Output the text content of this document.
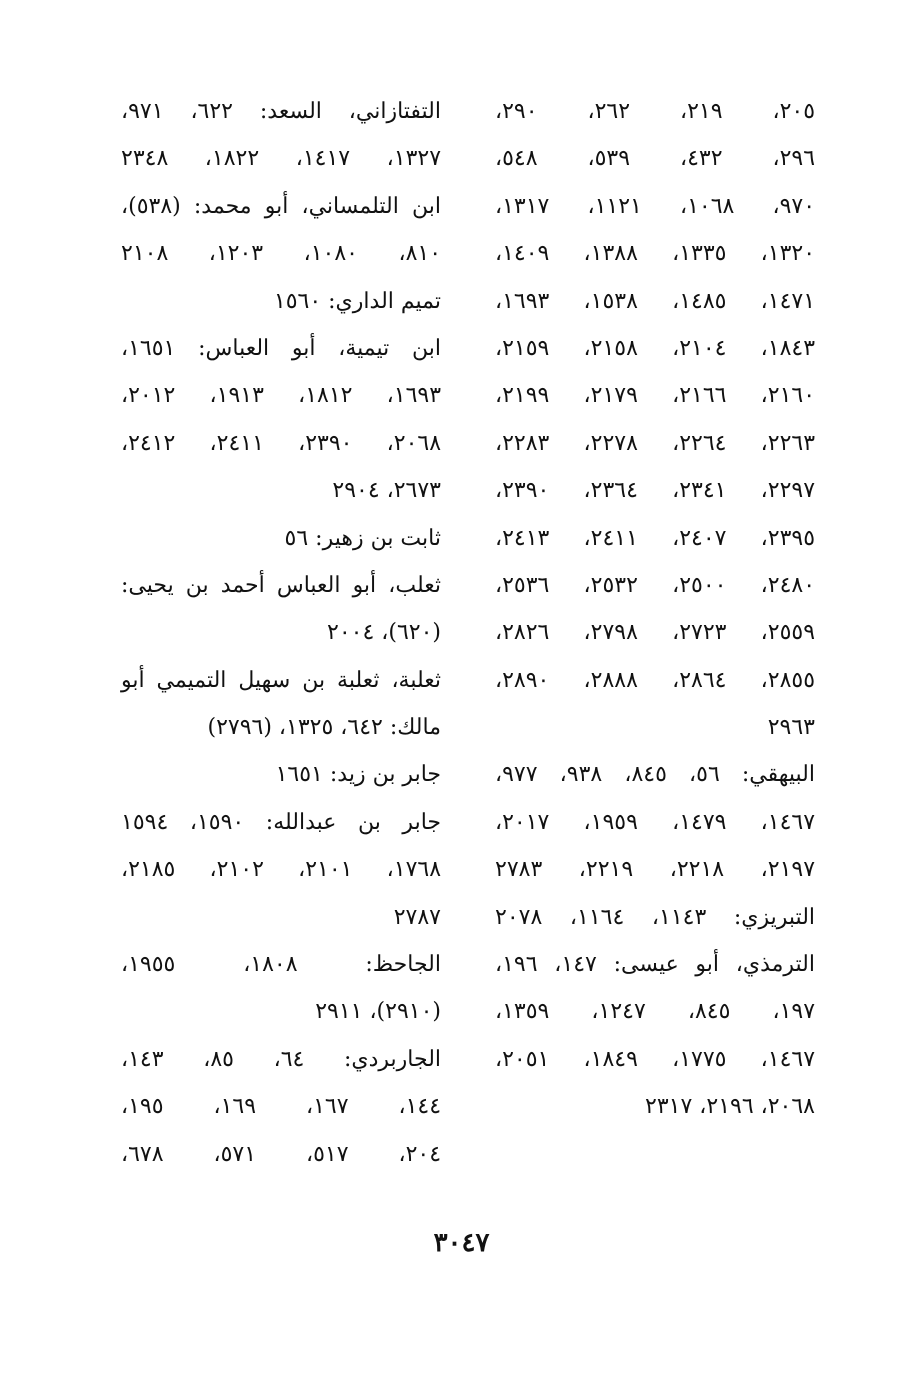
٢٠٥، ٢١٩، ٢٦٢، ٢٩٠،
٢٩٦، ٤٣٢، ٥٣٩، ٥٤٨،
٩٧٠، ١٠٦٨، ١١٢١، ١٣١٧،
١٣٢٠، ١٣٣٥، ١٣٨٨، ١٤٠٩،
١٤٧١، ١٤٨٥، ١٥٣٨، ١٦٩٣،
١٨٤٣، ٢١٠٤، ٢١٥٨، ٢١٥٩،
٢١٦٠، ٢١٦٦، ٢١٧٩، ٢١٩٩،
٢٢٦٣، ٢٢٦٤، ٢٢٧٨، ٢٢٨٣،
٢٢٩٧، ٢٣٤١، ٢٣٦٤، ٢٣٩٠،
٢٣٩٥، ٢٤٠٧، ٢٤١١، ٢٤١٣،
٢٤٨٠، ٢٥٠٠، ٢٥٣٢، ٢٥٣٦،
٢٥٥٩، ٢٧٢٣، ٢٧٩٨، ٢٨٢٦،
٢٨٥٥، ٢٨٦٤، ٢٨٨٨، ٢٨٩٠،
٢٩٦٣
البيهقي: ٥٦، ٨٤٥، ٩٣٨، ٩٧٧،
١٤٦٧، ١٤٧٩، ١٩٥٩، ٢٠١٧،
٢١٩٧، ٢٢١٨، ٢٢١٩، ٢٧٨٣
التبريزي: ١١٤٣، ١١٦٤، ٢٠٧٨
الترمذي، أبو عيسى: ١٤٧، ١٩٦،
١٩٧، ٨٤٥، ١٢٤٧، ١٣٥٩،
١٤٦٧، ١٧٧٥، ١٨٤٩، ٢٠٥١،
٢٠٦٨، ٢١٩٦، ٢٣١٧
التفتازاني، السعد: ٦٢٢، ٩٧١،
١٣٢٧، ١٤١٧، ١٨٢٢، ٢٣٤٨
ابن التلمساني، أبو محمد: (٥٣٨)،
٨١٠، ١٠٨٠، ١٢٠٣، ٢١٠٨
تميم الداري: ١٥٦٠
ابن تيمية، أبو العباس: ١٦٥١،
١٦٩٣، ١٨١٢، ١٩١٣، ٢٠١٢،
٢٠٦٨، ٢٣٩٠، ٢٤١١، ٢٤١٢،
٢٦٧٣، ٢٩٠٤
ثابت بن زهير: ٥٦
ثعلب، أبو العباس أحمد بن يحيى:
(٦٢٠)، ٢٠٠٤
ثعلبة، ثعلبة بن سهيل التميمي أبو
مالك: ٦٤٢، ١٣٢٥، (٢٧٩٦)
جابر بن زيد: ١٦٥١
جابر بن عبدالله: ١٥٩٠، ١٥٩٤
١٧٦٨، ٢١٠١، ٢١٠٢، ٢١٨٥،
٢٧٨٧
الجاحظ: ١٨٠٨، ١٩٥٥،
(٢٩١٠)، ٢٩١١
الجاربردي: ٦٤، ٨٥، ١٤٣،
١٤٤، ١٦٧، ١٦٩، ١٩٥،
٢٠٤، ٥١٧، ٥٧١، ٦٧٨،
٣٠٤٧
